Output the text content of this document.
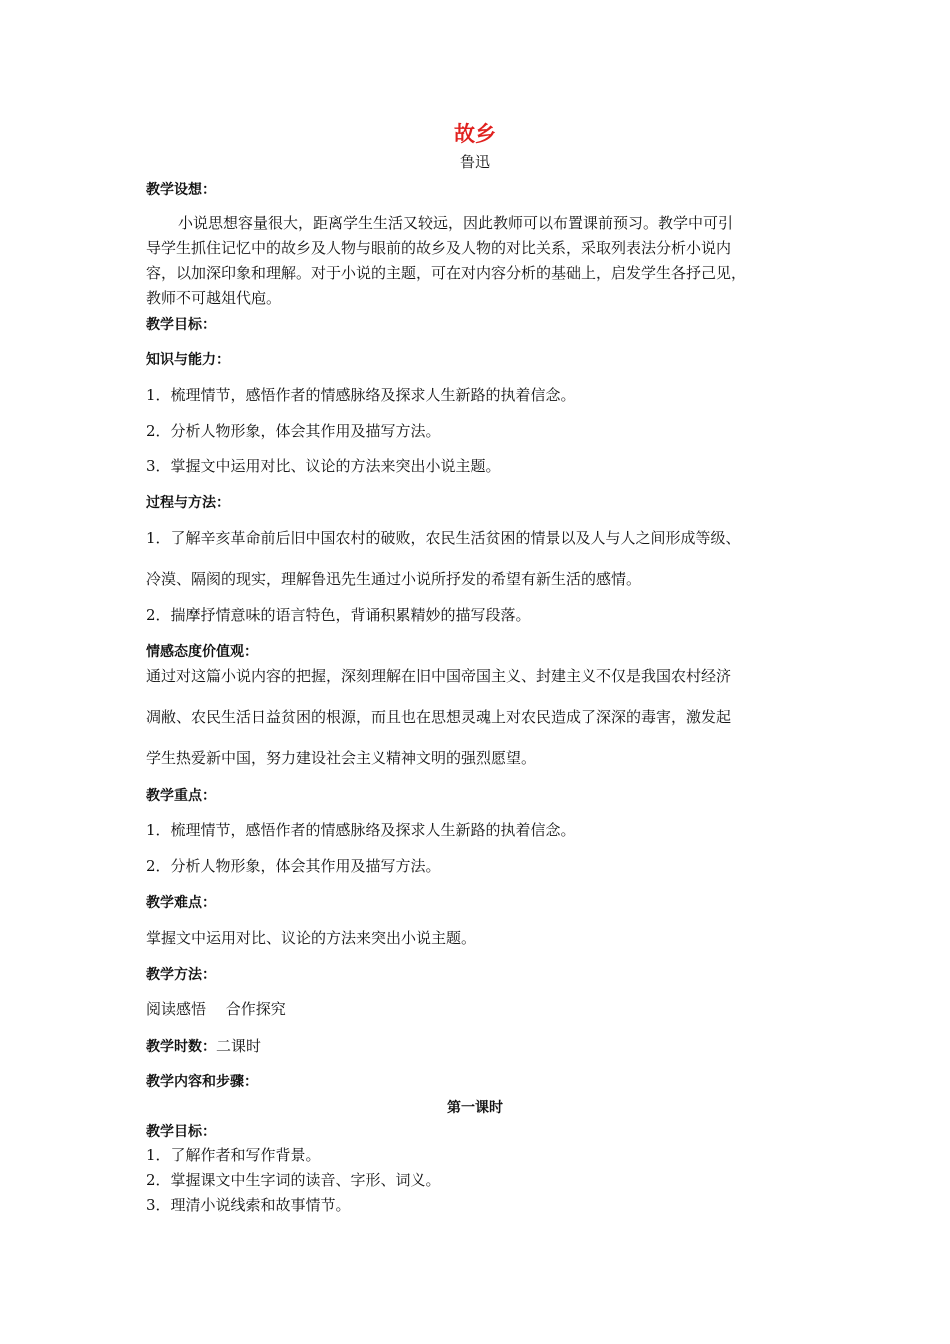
故乡
鲁迅
教学设想：
小说思想容量很大，距离学生生活又较远，因此教师可以布置课前预习。教学中可引
导学生抓住记忆中的故乡及人物与眼前的故乡及人物的对比关系，采取列表法分析小说内
容，以加深印象和理解。对于小说的主题，可在对内容分析的基础上，启发学生各抒己见，
教师不可越俎代庖。
教学目标：
知识与能力：
1．梳理情节，感悟作者的情感脉络及探求人生新路的执着信念。
2．分析人物形象，体会其作用及描写方法。
3．掌握文中运用对比、议论的方法来突出小说主题。
过程与方法：
1．了解辛亥革命前后旧中国农村的破败，农民生活贫困的情景以及人与人之间形成等级、
冷漠、隔阂的现实，理解鲁迅先生通过小说所抒发的希望有新生活的感情。
2．揣摩抒情意味的语言特色，背诵积累精妙的描写段落。
情感态度价值观：
通过对这篇小说内容的把握，深刻理解在旧中国帝国主义、封建主义不仅是我国农村经济
凋敝、农民生活日益贫困的根源，而且也在思想灵魂上对农民造成了深深的毒害，激发起
学生热爱新中国，努力建设社会主义精神文明的强烈愿望。
教学重点：
1．梳理情节，感悟作者的情感脉络及探求人生新路的执着信念。
2．分析人物形象，体会其作用及描写方法。
教学难点：
掌握文中运用对比、议论的方法来突出小说主题。
教学方法：
阅读感悟　 合作探究
教学时数：二课时
教学内容和步骤：
第一课时
教学目标：
1．了解作者和写作背景。
2．掌握课文中生字词的读音、字形、词义。
3．理清小说线索和故事情节。
